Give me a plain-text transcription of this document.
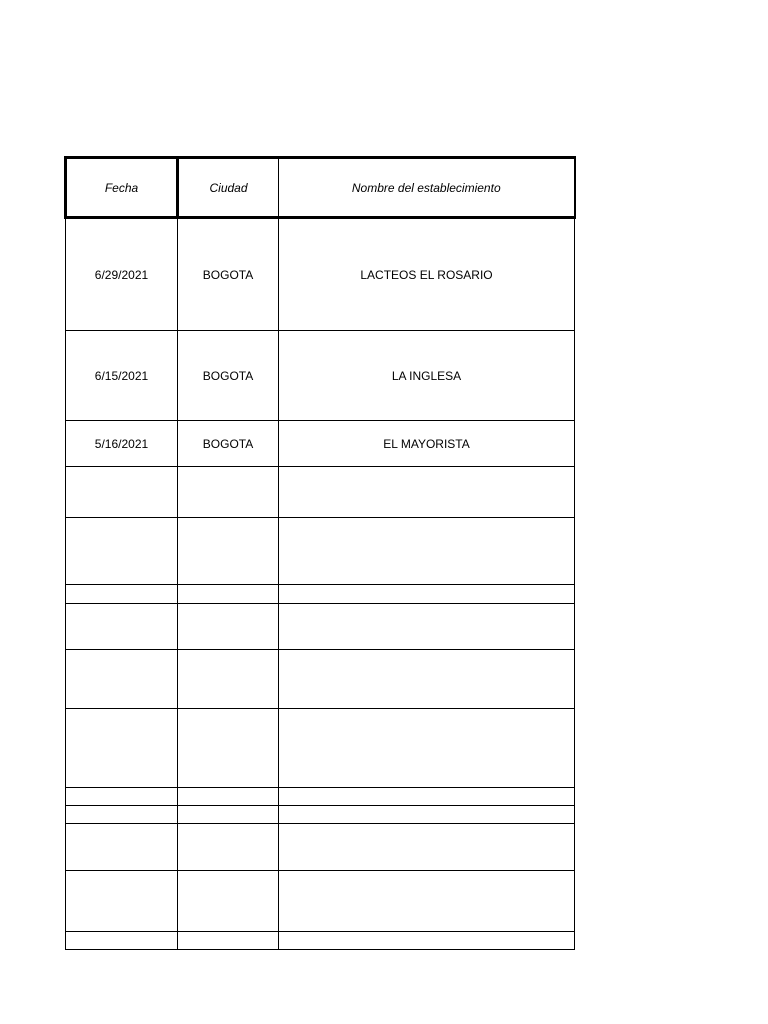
Fecha	Ciudad	Nombre del establecimiento
6/29/2021	BOGOTA	LACTEOS EL ROSARIO
6/15/2021	BOGOTA	LA INGLESA
5/16/2021	BOGOTA	EL MAYORISTA
